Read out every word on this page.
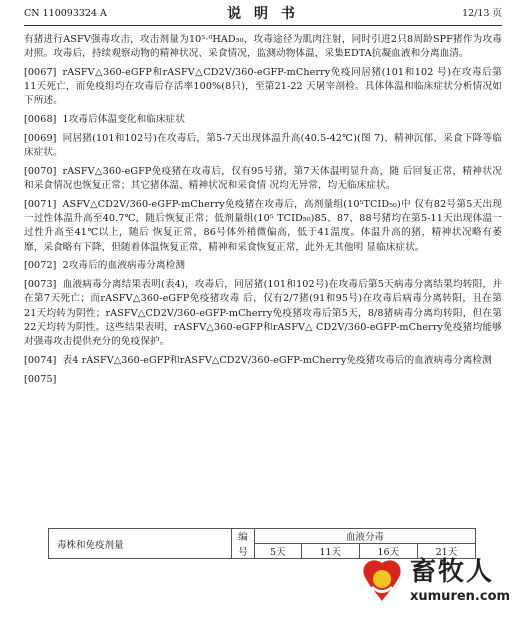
CN 110093324 A	说 明 书	12/13 页

有猪进行ASFV强毒攻击，攻击剂量为10⁵·⁰HAD₅₀，攻毒途径为肌肉注射，同时引进2只8周龄SPF猪作为攻毒对照。攻毒后，持续观察动物的精神状况、采食情况，监测动物体温，采集EDTA抗凝血液和分离血清。

[0067] rASFV△360-eGFP和rASFV△CD2V/360-eGFP-mCherry免疫同居猪(101和102 号)在攻毒后第11天死亡，而免疫组均在攻毒后存活率100%(8只)，至第21-22 天屠宰剖检。具体体温和临床症状分析情况如下所述。

[0068] 1攻毒后体温变化和临床症状

[0069] 同居猪(101和102号)在攻毒后，第5-7天出现体温升高(40.5-42℃)(图 7)、精神沉郁、采食下降等临床症状。

[0070] rASFV△360-eGFP免疫猪在攻毒后，仅有95号猪，第7天体温明显升高，随 后回复正常，精神状况和采食情况也恢复正常；其它猪体温、精神状况和采食情 况均无异常，均无临床症状。

[0071] ASFV△CD2V/360-eGFP-mCherry免疫猪在攻毒后，高剂量组(10⁵TCID₅₀)中 仅有82号第5天出现一过性体温升高至40.7℃，随后恢复正常；低剂量组(10⁵ TCID₅₀)85、87、88号猪均在第5-11天出现体温一过性升高至41℃以上，随后 恢复正常，86号体外稍微偏高，低于41温度。体温升高的猪，精神状况略有萎 靡，采食略有下降，但随着体温恢复正常，精神和采食恢复正常，此外无其他明 显临床症状。

[0072] 2攻毒后的血液病毒分离检测

[0073] 血液病毒分离结果表明(表4)，攻毒后，同居猪(101和102号)在攻毒后第5天病毒分离结果均转阳，并在第7天死亡；而rASFV△360-eGFP免疫猪攻毒 后，仅有2/7猪(91和95号)在攻毒后病毒分离转阳，且在第21天均转为阴性；rASFV△CD2V/360-eGFP-mCherry免疫猪攻毒后第5天，8/8猪病毒分离均转阳，但在第22天均转为阴性。这些结果表明，rASFV△360-eGFP和rASFV△ CD2V/360-eGFP-mCherry免疫猪均能够对强毒攻击提供充分的免疫保护。

[0074] 表4 rASFV△360-eGFP和rASFV△CD2V/360-eGFP-mCherry免疫猪攻毒后的血液病毒分离检测

[0075]

毒株和免疫剂量	编	血液分毒			
	号	5天	11天	16天	21天
畜牧人
xumuren.com
